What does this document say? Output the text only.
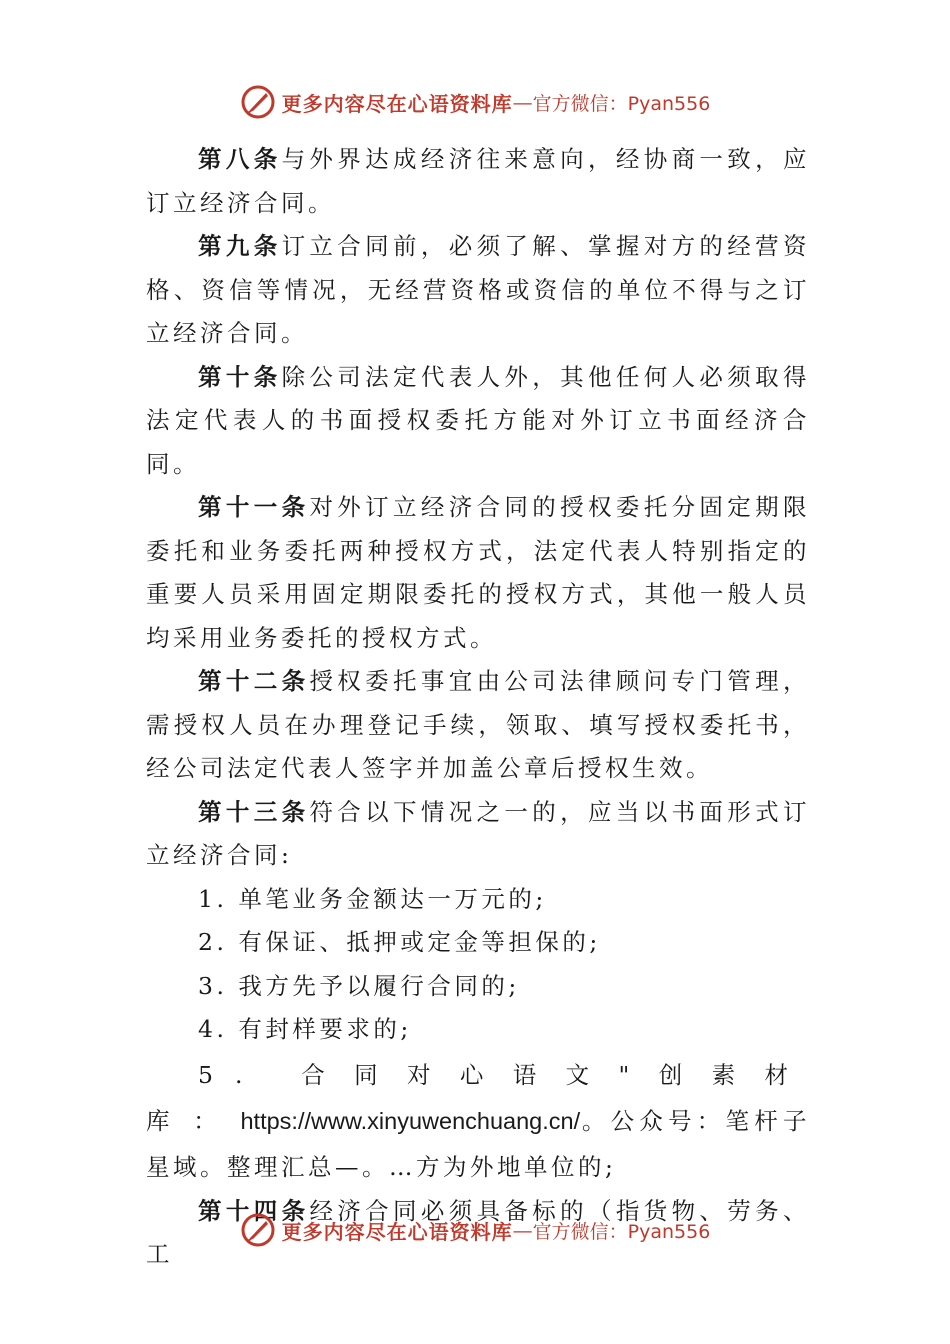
更多内容尽在心语资料库 — 官方微信：Pyan556

第八条与外界达成经济往来意向，经协商一致，应订立经济合同。

第九条订立合同前，必须了解、掌握对方的经营资格、资信等情况，无经营资格或资信的单位不得与之订立经济合同。

第十条除公司法定代表人外，其他任何人必须取得法定代表人的书面授权委托方能对外订立书面经济合同。

第十一条对外订立经济合同的授权委托分固定期限委托和业务委托两种授权方式，法定代表人特别指定的重要人员采用固定期限委托的授权方式，其他一般人员均采用业务委托的授权方式。

第十二条授权委托事宜由公司法律顾问专门管理，需授权人员在办理登记手续，领取、填写授权委托书，经公司法定代表人签字并加盖公章后授权生效。

第十三条符合以下情况之一的，应当以书面形式订立经济合同:

1. 单笔业务金额达一万元的;

2. 有保证、抵押或定金等担保的;

3. 我方先予以履行合同的;

4. 有封样要求的;

5. 合同对心语文"创素材库：https://www.xinyuwenchuang.cn/。公众号：笔杆子星域。整理汇总—。…方为外地单位的;

第十四条经济合同必须具备标的（指货物、劳务、工

更多内容尽在心语资料库 — 官方微信：Pyan556
